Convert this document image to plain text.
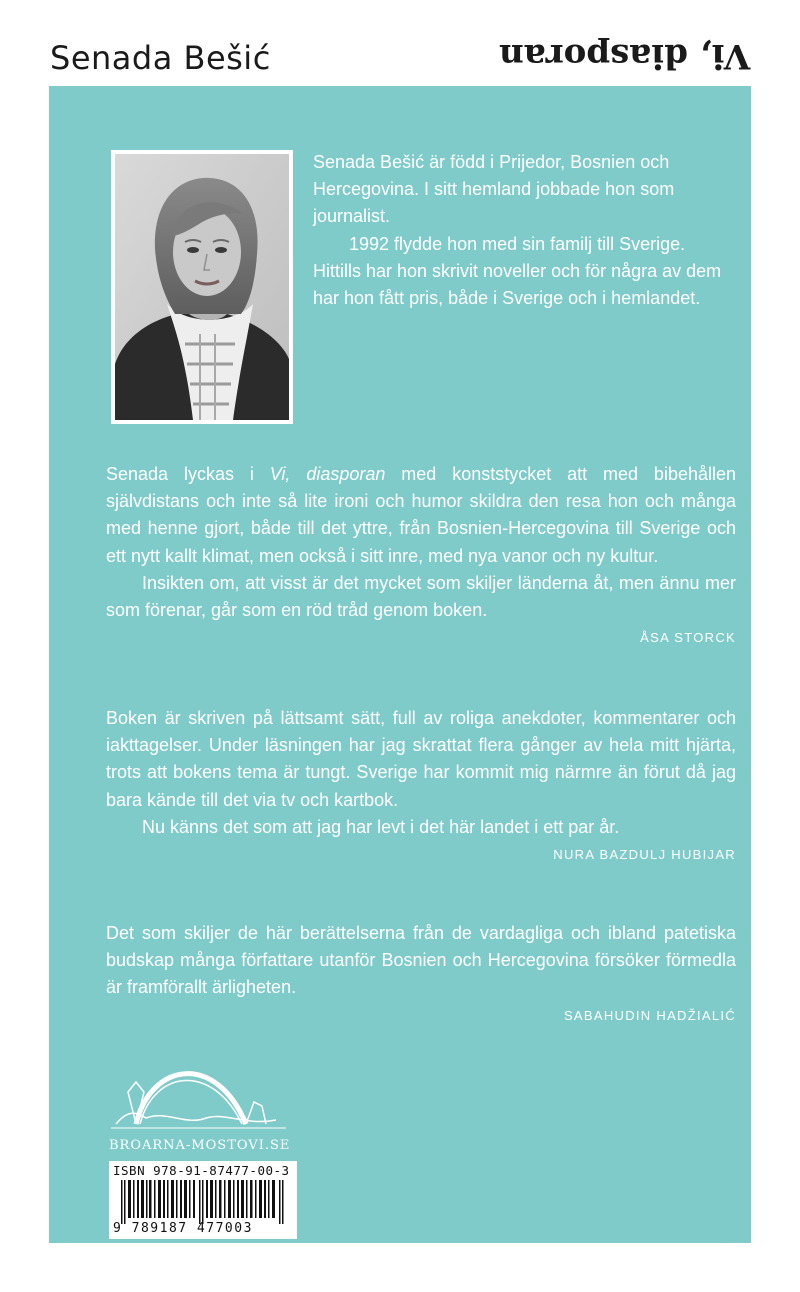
Senada Bešić	Vi, diasporan

Senada Bešić är född i Prijedor, Bosnien och Hercegovina. I sitt hemland jobbade hon som journalist.

1992 flydde hon med sin familj till Sverige. Hittills har hon skrivit noveller och för några av dem har hon fått pris, både i Sverige och i hemlandet.

Senada lyckas i Vi, diasporan med konststycket att med bibehållen självdistans och inte så lite ironi och humor skildra den resa hon och många med henne gjort, både till det yttre, från Bosnien-Hercegovina till Sverige och ett nytt kallt klimat, men också i sitt inre, med nya vanor och ny kultur.

Insikten om, att visst är det mycket som skiljer länderna åt, men ännu mer som förenar, går som en röd tråd genom boken.

ÅSA STORCK

Boken är skriven på lättsamt sätt, full av roliga anekdoter, kommentarer och iakttagelser. Under läsningen har jag skrattat flera gånger av hela mitt hjärta, trots att bokens tema är tungt. Sverige har kommit mig närmre än förut då jag bara kände till det via tv och kartbok.

Nu känns det som att jag har levt i det här landet i ett par år.

NURA BAZDULJ HUBIJAR

Det som skiljer de här berättelserna från de vardagliga och ibland patetiska budskap många författare utanför Bosnien och Hercegovina försöker förmedla är framförallt ärligheten.

SABAHUDIN HADŽIALIĆ
BROARNA-MOSTOVI.SE
ISBN 978-91-87477-00-3
9 789187 477003
